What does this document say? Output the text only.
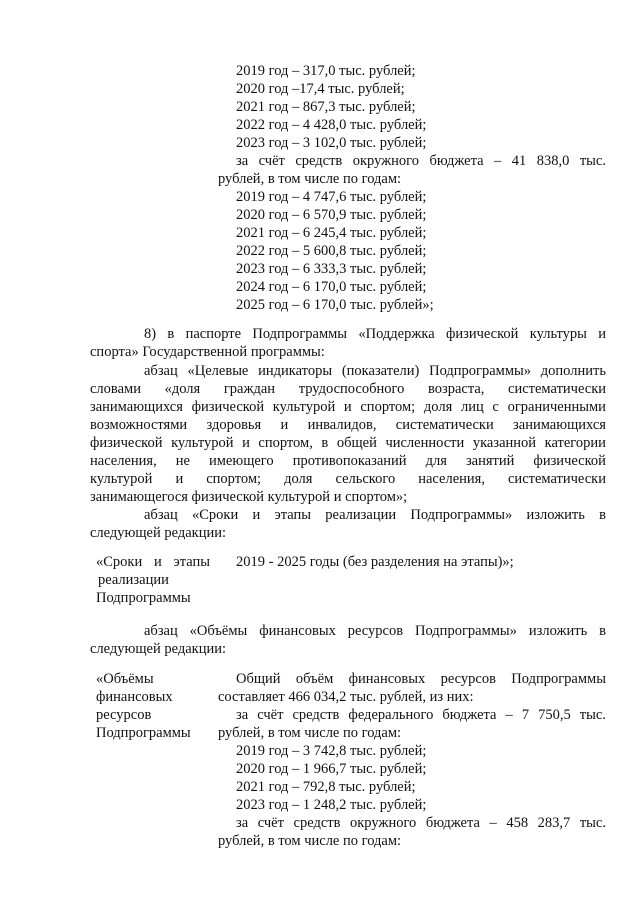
2019 год – 317,0 тыс. рублей;
2020 год –17,4 тыс. рублей;
2021 год – 867,3 тыс. рублей;
2022 год – 4 428,0 тыс. рублей;
2023 год – 3 102,0 тыс. рублей;
за счёт средств окружного бюджета – 41 838,0 тыс.
рублей, в том числе по годам:
2019 год – 4 747,6 тыс. рублей;
2020 год – 6 570,9 тыс. рублей;
2021 год – 6 245,4 тыс. рублей;
2022 год – 5 600,8 тыс. рублей;
2023 год – 6 333,3 тыс. рублей;
2024 год – 6 170,0 тыс. рублей;
2025 год – 6 170,0 тыс. рублей»;
8) в паспорте Подпрограммы «Поддержка физической культуры и
спорта» Государственной программы:
абзац «Целевые индикаторы (показатели) Подпрограммы» дополнить
словами «доля граждан трудоспособного возраста, систематически
занимающихся физической культурой и спортом; доля лиц с ограниченными
возможностями здоровья и инвалидов, систематически занимающихся
физической культурой и спортом, в общей численности указанной категории
населения, не имеющего противопоказаний для занятий физической
культурой и спортом; доля сельского населения, систематически
занимающегося физической культурой и спортом»;
абзац «Сроки и этапы реализации Подпрограммы» изложить в
следующей редакции:
«Сроки и этапы
реализации
Подпрограммы
2019 - 2025 годы (без разделения на этапы)»;
абзац «Объёмы финансовых ресурсов Подпрограммы» изложить в
следующей редакции:
«Объёмы
финансовых
ресурсов
Подпрограммы
Общий объём финансовых ресурсов Подпрограммы
составляет 466 034,2 тыс. рублей, из них:
за счёт средств федерального бюджета – 7 750,5 тыс.
рублей, в том числе по годам:
2019 год – 3 742,8 тыс. рублей;
2020 год – 1 966,7 тыс. рублей;
2021 год – 792,8 тыс. рублей;
2023 год – 1 248,2 тыс. рублей;
за счёт средств окружного бюджета – 458 283,7 тыс.
рублей, в том числе по годам:
